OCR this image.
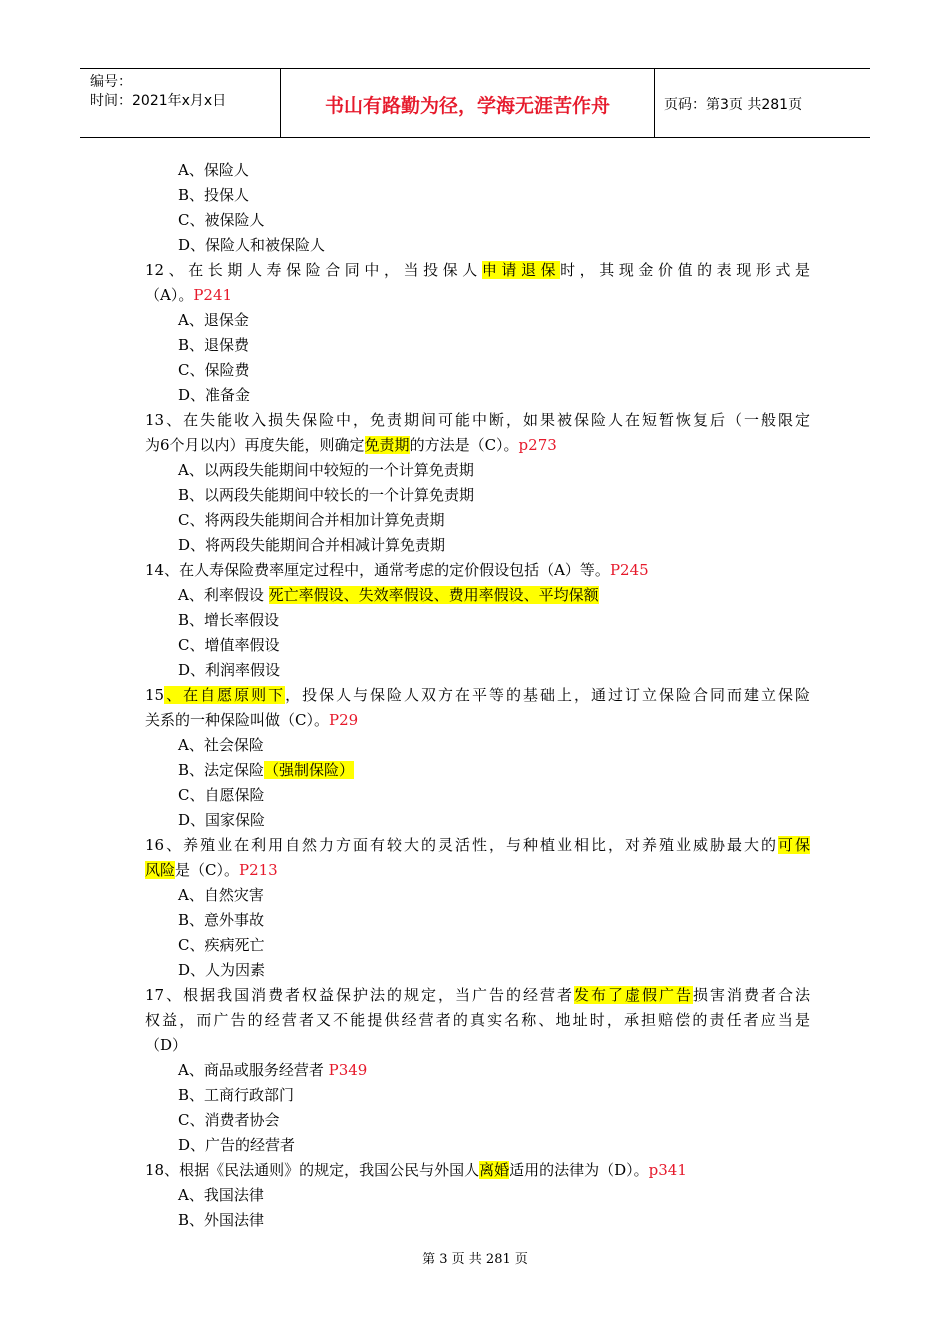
编号：
时间：2021年x月x日	书山有路勤为径，学海无涯苦作舟	页码：第3页 共281页
A、保险人
B、投保人
C、被保险人
D、保险人和被保险人
12、在长期人寿保险合同中，当投保人申请退保时，其现金价值的表现形式是
（A）。P241
A、退保金
B、退保费
C、保险费
D、准备金
13、在失能收入损失保险中，免责期间可能中断，如果被保险人在短暂恢复后（一般限定
为6个月以内）再度失能，则确定免责期的方法是（C）。p273
A、以两段失能期间中较短的一个计算免责期
B、以两段失能期间中较长的一个计算免责期
C、将两段失能期间合并相加计算免责期
D、将两段失能期间合并相减计算免责期
14、在人寿保险费率厘定过程中，通常考虑的定价假设包括（A）等。P245
A、利率假设 死亡率假设、失效率假设、费用率假设、平均保额
B、增长率假设
C、增值率假设
D、利润率假设
15、在自愿原则下，投保人与保险人双方在平等的基础上，通过订立保险合同而建立保险
关系的一种保险叫做（C）。P29
A、社会保险
B、法定保险（强制保险）
C、自愿保险
D、国家保险
16、养殖业在利用自然力方面有较大的灵活性，与种植业相比，对养殖业威胁最大的可保
风险是（C）。P213
A、自然灾害
B、意外事故
C、疾病死亡
D、人为因素
17、根据我国消费者权益保护法的规定，当广告的经营者发布了虚假广告损害消费者合法
权益，而广告的经营者又不能提供经营者的真实名称、地址时，承担赔偿的责任者应当是
（D）
A、商品或服务经营者 P349
B、工商行政部门
C、消费者协会
D、广告的经营者
18、根据《民法通则》的规定，我国公民与外国人离婚适用的法律为（D）。p341
A、我国法律
B、外国法律
第 3 页 共 281 页
